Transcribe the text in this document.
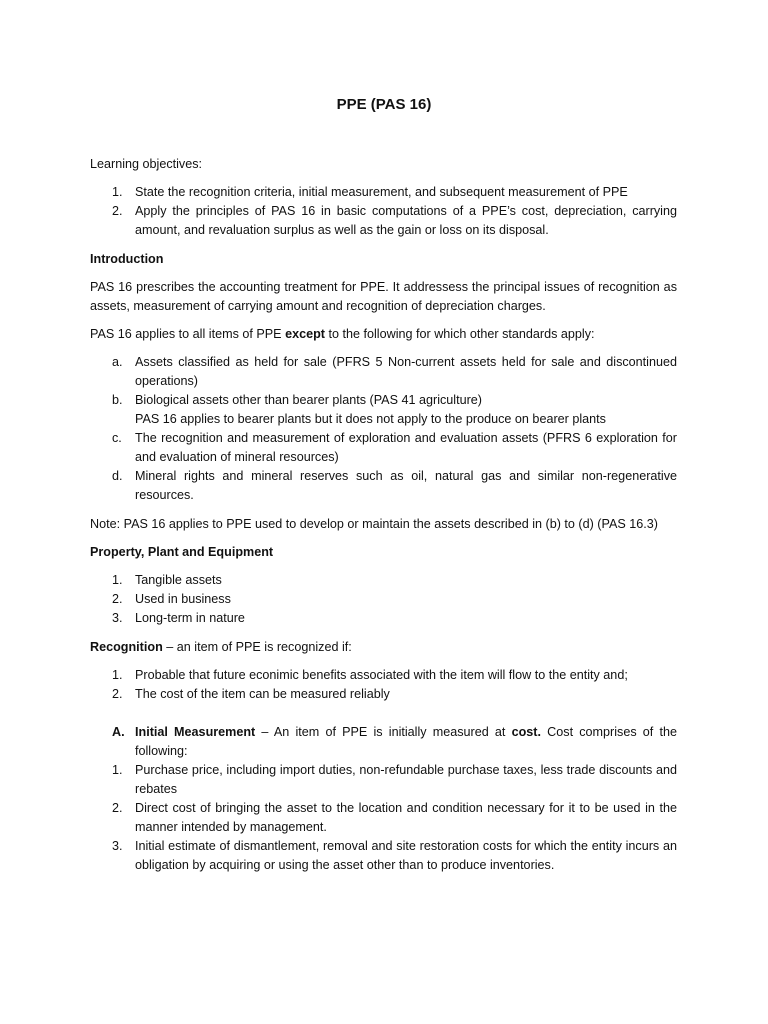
PPE (PAS 16)

Learning objectives:

1. State the recognition criteria, initial measurement, and subsequent measurement of PPE
2. Apply the principles of PAS 16 in basic computations of a PPE’s cost, depreciation, carrying amount, and revaluation surplus as well as the gain or loss on its disposal.

Introduction

PAS 16 prescribes the accounting treatment for PPE. It addressess the principal issues of recognition as assets, measurement of carrying amount and recognition of depreciation charges.

PAS 16 applies to all items of PPE except to the following for which other standards apply:

a. Assets classified as held for sale (PFRS 5 Non-current assets held for sale and discontinued operations)
b. Biological assets other than bearer plants (PAS 41 agriculture)
PAS 16 applies to bearer plants but it does not apply to the produce on bearer plants
c. The recognition and measurement of exploration and evaluation assets (PFRS 6 exploration for and evaluation of mineral resources)
d. Mineral rights and mineral reserves such as oil, natural gas and similar non-regenerative resources.

Note: PAS 16 applies to PPE used to develop or maintain the assets described in (b) to (d) (PAS 16.3)

Property, Plant and Equipment

1. Tangible assets
2. Used in business
3. Long-term in nature

Recognition – an item of PPE is recognized if:

1. Probable that future econimic benefits associated with the item will flow to the entity and;
2. The cost of the item can be measured reliably
A. Initial Measurement – An item of PPE is initially measured at cost. Cost comprises of the following:
1. Purchase price, including import duties, non-refundable purchase taxes, less trade discounts and rebates
2. Direct cost of bringing the asset to the location and condition necessary for it to be used in the manner intended by management.
3. Initial estimate of dismantlement, removal and site restoration costs for which the entity incurs an obligation by acquiring or using the asset other than to produce inventories.
